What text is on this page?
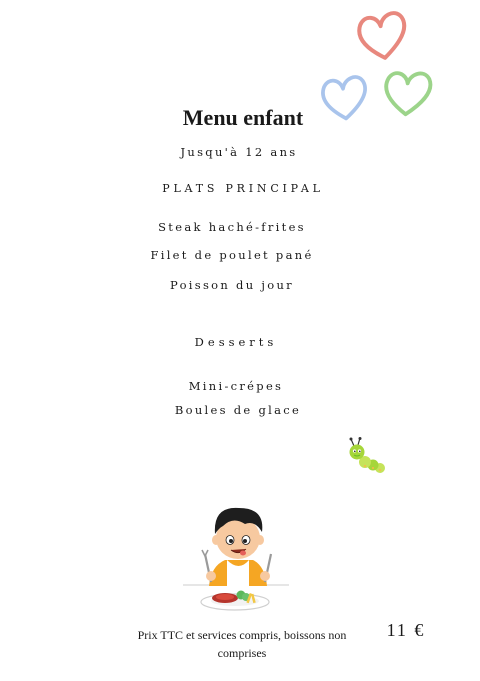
Menu enfant
Jusqu'à 12 ans
PLATS PRINCIPAL
Steak haché-frites
Filet de poulet pané
Poisson du jour
Desserts
Mini-crépes
Boules de glace
Prix TTC et services compris, boissons non comprises
11 €
